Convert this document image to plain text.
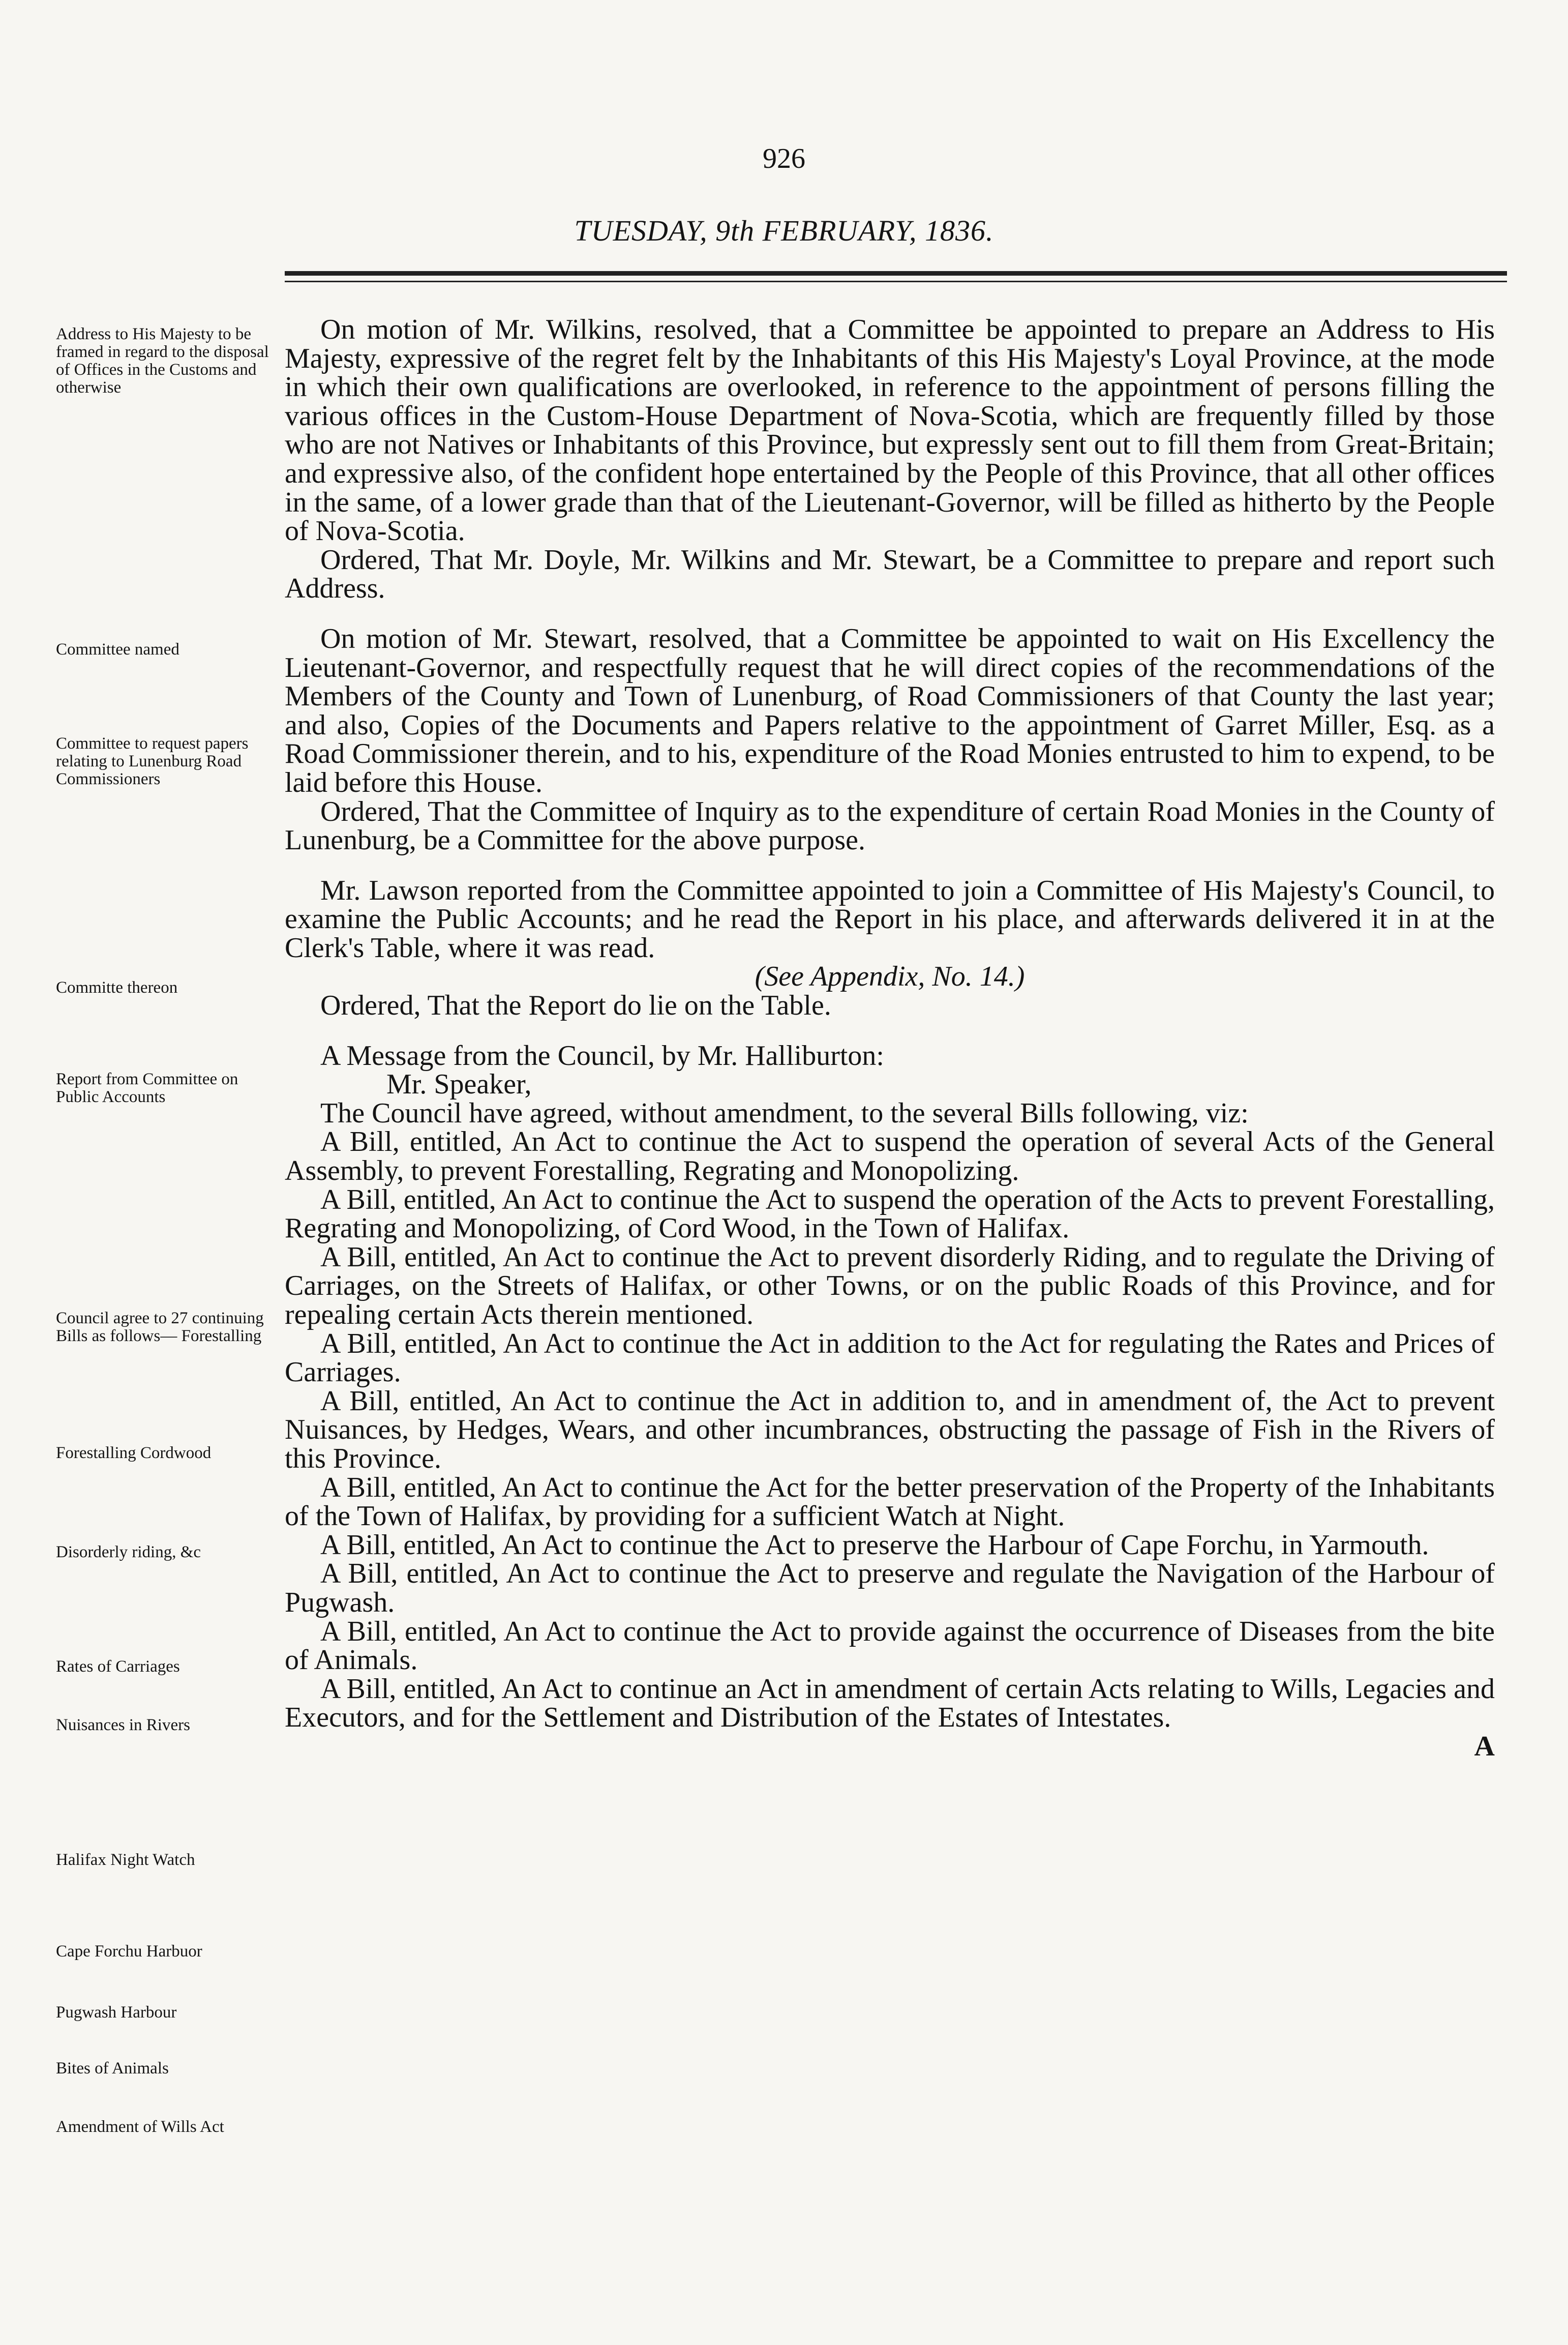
926
TUESDAY, 9th FEBRUARY, 1836.
Address to His Majesty to be framed in regard to the disposal of Offices in the Customs and otherwise
Committee named
Committee to request papers relating to Lunenburg Road Commissioners
Committe thereon
Report from Committee on Public Accounts
Council agree to 27 continuing Bills as follows— Forestalling
Forestalling Cordwood
Disorderly riding, &c
Rates of Carriages
Nuisances in Rivers
Halifax Night Watch
Cape Forchu Harbuor
Pugwash Harbour
Bites of Animals
Amendment of Wills Act

On motion of Mr. Wilkins, resolved, that a Committee be appointed to prepare an Address to His Majesty, expressive of the regret felt by the Inhabitants of this His Majesty's Loyal Province, at the mode in which their own qualifications are overlooked, in reference to the appointment of persons filling the various offices in the Custom-House Department of Nova-Scotia, which are frequently filled by those who are not Natives or Inhabitants of this Province, but expressly sent out to fill them from Great-Britain; and expressive also, of the confident hope entertained by the People of this Province, that all other offices in the same, of a lower grade than that of the Lieutenant-Governor, will be filled as hitherto by the People of Nova-Scotia.

Ordered, That Mr. Doyle, Mr. Wilkins and Mr. Stewart, be a Committee to prepare and report such Address.

On motion of Mr. Stewart, resolved, that a Committee be appointed to wait on His Excellency the Lieutenant-Governor, and respectfully request that he will direct copies of the recommendations of the Members of the County and Town of Lunenburg, of Road Commissioners of that County the last year; and also, Copies of the Documents and Papers relative to the appointment of Garret Miller, Esq. as a Road Commissioner therein, and to his, expenditure of the Road Monies entrusted to him to expend, to be laid before this House.

Ordered, That the Committee of Inquiry as to the expenditure of certain Road Monies in the County of Lunenburg, be a Committee for the above purpose.

Mr. Lawson reported from the Committee appointed to join a Committee of His Majesty's Council, to examine the Public Accounts; and he read the Report in his place, and afterwards delivered it in at the Clerk's Table, where it was read.

(See Appendix, No. 14.)

Ordered, That the Report do lie on the Table.

A Message from the Council, by Mr. Halliburton:

Mr. Speaker,

The Council have agreed, without amendment, to the several Bills following, viz:

A Bill, entitled, An Act to continue the Act to suspend the operation of several Acts of the General Assembly, to prevent Forestalling, Regrating and Monopolizing.

A Bill, entitled, An Act to continue the Act to suspend the operation of the Acts to prevent Forestalling, Regrating and Monopolizing, of Cord Wood, in the Town of Halifax.

A Bill, entitled, An Act to continue the Act to prevent disorderly Riding, and to regulate the Driving of Carriages, on the Streets of Halifax, or other Towns, or on the public Roads of this Province, and for repealing certain Acts therein mentioned.

A Bill, entitled, An Act to continue the Act in addition to the Act for regulating the Rates and Prices of Carriages.

A Bill, entitled, An Act to continue the Act in addition to, and in amendment of, the Act to prevent Nuisances, by Hedges, Wears, and other incumbrances, obstructing the passage of Fish in the Rivers of this Province.

A Bill, entitled, An Act to continue the Act for the better preservation of the Property of the Inhabitants of the Town of Halifax, by providing for a sufficient Watch at Night.

A Bill, entitled, An Act to continue the Act to preserve the Harbour of Cape Forchu, in Yarmouth.

A Bill, entitled, An Act to continue the Act to preserve and regulate the Navigation of the Harbour of Pugwash.

A Bill, entitled, An Act to continue the Act to provide against the occurrence of Diseases from the bite of Animals.

A Bill, entitled, An Act to continue an Act in amendment of certain Acts relating to Wills, Legacies and Executors, and for the Settlement and Distribution of the Estates of Intestates.

A
